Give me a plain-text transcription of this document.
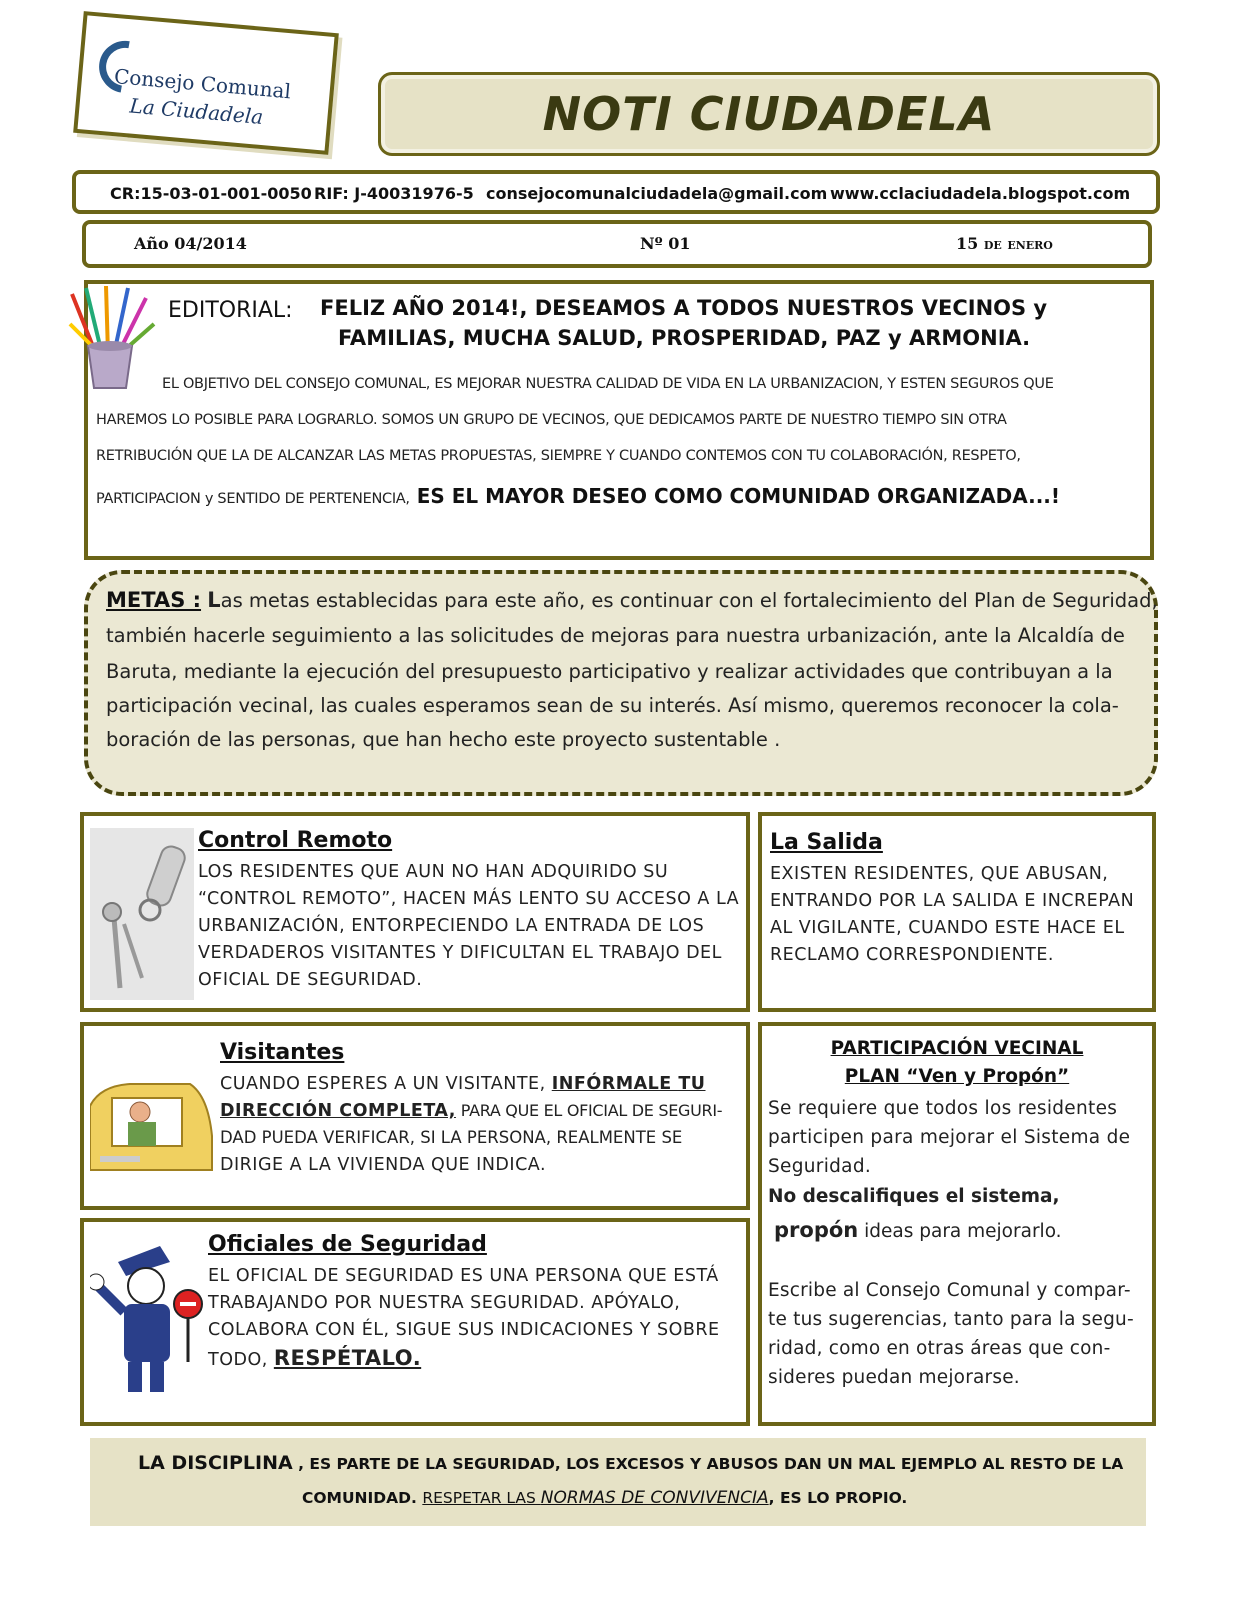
Consejo Comunal
La Ciudadela	NOTI CIUDADELA
CR:15-03-01-001-0050 RIF: J-40031976-5 consejocomunalciudadela@gmail.com www.cclaciudadela.blogspot.com
Año 04/2014	Nº 01	15 de enero
EDITORIAL: FELIZ AÑO 2014!, DESEAMOS A TODOS NUESTROS VECINOS y
FAMILIAS, MUCHA SALUD, PROSPERIDAD, PAZ y ARMONIA.
EL OBJETIVO DEL CONSEJO COMUNAL, ES MEJORAR NUESTRA CALIDAD DE VIDA EN LA URBANIZACION, Y ESTEN SEGUROS QUE
HAREMOS LO POSIBLE PARA LOGRARLO. SOMOS UN GRUPO DE VECINOS, QUE DEDICAMOS PARTE DE NUESTRO TIEMPO SIN OTRA
RETRIBUCIÓN QUE LA DE ALCANZAR LAS METAS PROPUESTAS, SIEMPRE Y CUANDO CONTEMOS CON TU COLABORACIÓN, RESPETO,
PARTICIPACION y SENTIDO DE PERTENENCIA, ES EL MAYOR DESEO COMO COMUNIDAD ORGANIZADA...!
METAS : Las metas establecidas para este año, es continuar con el fortalecimiento del Plan de Seguridad,
también hacerle seguimiento a las solicitudes de mejoras para nuestra urbanización, ante la Alcaldía de
Baruta, mediante la ejecución del presupuesto participativo y realizar actividades que contribuyan a la
participación vecinal, las cuales esperamos sean de su interés. Así mismo, queremos reconocer la cola-
boración de las personas, que han hecho este proyecto sustentable .
Control Remoto
LOS RESIDENTES QUE AUN NO HAN ADQUIRIDO SU
“CONTROL REMOTO”, HACEN MÁS LENTO SU ACCESO A LA
URBANIZACIÓN, ENTORPECIENDO LA ENTRADA DE LOS
VERDADEROS VISITANTES Y DIFICULTAN EL TRABAJO DEL
OFICIAL DE SEGURIDAD.
La Salida
EXISTEN RESIDENTES, QUE ABUSAN,
ENTRANDO POR LA SALIDA E INCREPAN
AL VIGILANTE, CUANDO ESTE HACE EL
RECLAMO CORRESPONDIENTE.
Visitantes
CUANDO ESPERES A UN VISITANTE, INFÓRMALE TU
DIRECCIÓN COMPLETA, PARA QUE EL OFICIAL DE SEGURI-
DAD PUEDA VERIFICAR, SI LA PERSONA, REALMENTE SE
DIRIGE A LA VIVIENDA QUE INDICA.
Oficiales de Seguridad
EL OFICIAL DE SEGURIDAD ES UNA PERSONA QUE ESTÁ
TRABAJANDO POR NUESTRA SEGURIDAD. APÓYALO,
COLABORA CON ÉL, SIGUE SUS INDICACIONES Y SOBRE
TODO, RESPÉTALO.
PARTICIPACIÓN VECINAL
PLAN “Ven y Propón”
Se requiere que todos los residentes
participen para mejorar el Sistema de
Seguridad.
No descalifiques el sistema,
propón ideas para mejorarlo.
Escribe al Consejo Comunal y compar-
te tus sugerencias, tanto para la segu-
ridad, como en otras áreas que con-
sideres puedan mejorarse.
LA DISCIPLINA , ES PARTE DE LA SEGURIDAD, LOS EXCESOS Y ABUSOS DAN UN MAL EJEMPLO AL RESTO DE LA
COMUNIDAD. RESPETAR LAS NORMAS DE CONVIVENCIA, ES LO PROPIO.
